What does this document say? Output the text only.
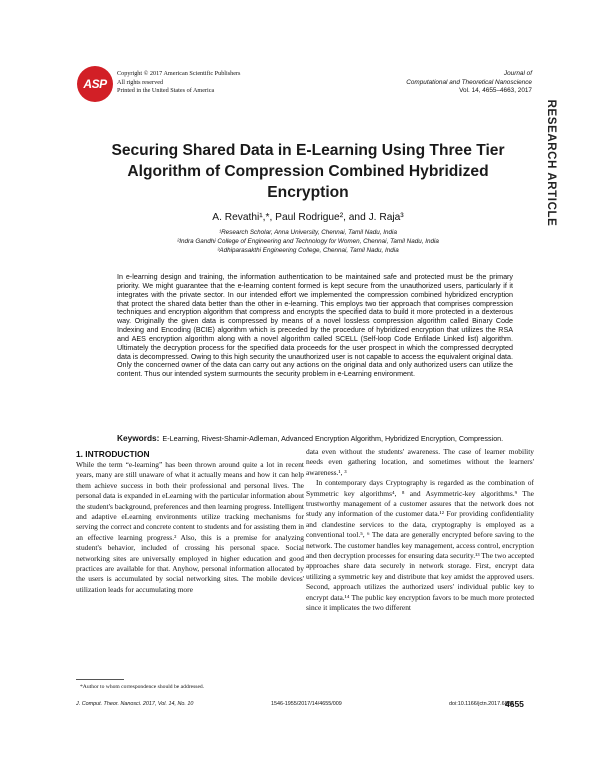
ASP
Copyright © 2017 American Scientific Publishers
All rights reserved
Printed in the United States of America
Journal of
Computational and Theoretical Nanoscience
Vol. 14, 4655–4663, 2017
RESEARCH ARTICLE
Securing Shared Data in E-Learning Using Three Tier Algorithm of Compression Combined Hybridized Encryption
A. Revathi¹,*, Paul Rodrigue², and J. Raja³
¹Research Scholar, Anna University, Chennai, Tamil Nadu, India
²Indra Gandhi College of Engineering and Technology for Women, Chennai, Tamil Nadu, India
³Adhiparasakthi Engineering College, Chennai, Tamil Nadu, India
In e-learning design and training, the information authentication to be maintained safe and protected must be the primary priority. We might guarantee that the e-learning content formed is kept secure from the unauthorized users, particularly if it integrates with the private sector. In our intended effort we implemented the compression combined hybridized encryption that protect the shared data better than the other in e-learning. This employs two tier approach that comprises compression techniques and encryption algorithm that compress and encrypts the specified data to build it more protected in a dexterous way. Originally the given data is compressed by means of a novel lossless compression algorithm called Binary Code Indexing and Encoding (BCIE) algorithm which is preceded by the procedure of hybridized encryption that utilizes the RSA and AES encryption algorithm along with a novel algorithm called SCELL (Self-loop Code Enfilade Linked list) algorithm. Ultimately the decryption process for the specified data proceeds for the user prospect in which the compressed decrypted data is decompressed. Owing to this high security the unauthorized user is not capable to access the equivalent original data. Only the concerned owner of the data can carry out any actions on the original data and only authorized users can utilize the content. Thus our intended system surmounts the security problem in e-Learning environment.
Keywords: E-Learning, Rivest-Shamir-Adleman, Advanced Encryption Algorithm, Hybridized Encryption, Compression.
1. INTRODUCTION

While the term “e-learning” has been thrown around quite a lot in recent years, many are still unaware of what it actually means and how it can help them achieve success in both their professional and personal lives. The personal data is expanded in eLearning with the particular information about the student's background, preferences and then learning progress. Intelligent and adaptive eLearning environments utilize tracking mechanisms for serving the correct and concrete content to students and for assisting them in an effective learning progress.² Also, this is a premise for analyzing student's behavior, included of crossing his personal space. Social networking sites are universally employed in higher education and good practices are available for that. Anyhow, personal information allocated by the users is accumulated by social networking sites. The mobile devices' utilization leads for accumulating more

data even without the students' awareness. The case of learner mobility needs even gathering location, and sometimes without the learners' awareness.¹, ³

In contemporary days Cryptography is regarded as the combination of Symmetric key algorithms⁴, ⁸ and Asymmetric-key algorithms.⁹ The trustworthy management of a customer assures that the network does not study any information of the customer data.¹² For providing confidentiality and clandestine services to the data, cryptography is employed as a conventional tool.⁵, ⁶ The data are generally encrypted before saving to the network. The customer handles key management, access control, encryption and then decryption processes for ensuring data security.¹³ The two accepted approaches share data securely in network storage. First, encrypt data utilizing a symmetric key and distribute that key amidst the approved users. Second, approach utilizes the authorized users' individual public key to encrypt data.¹⁴ The public key encryption favors to be much more protected since it implicates the two different

*Author to whom correspondence should be addressed.
J. Comput. Theor. Nanosci. 2017, Vol. 14, No. 10	1546-1955/2017/14/4655/009	doi:10.1166/jctn.2017.6878
4655
